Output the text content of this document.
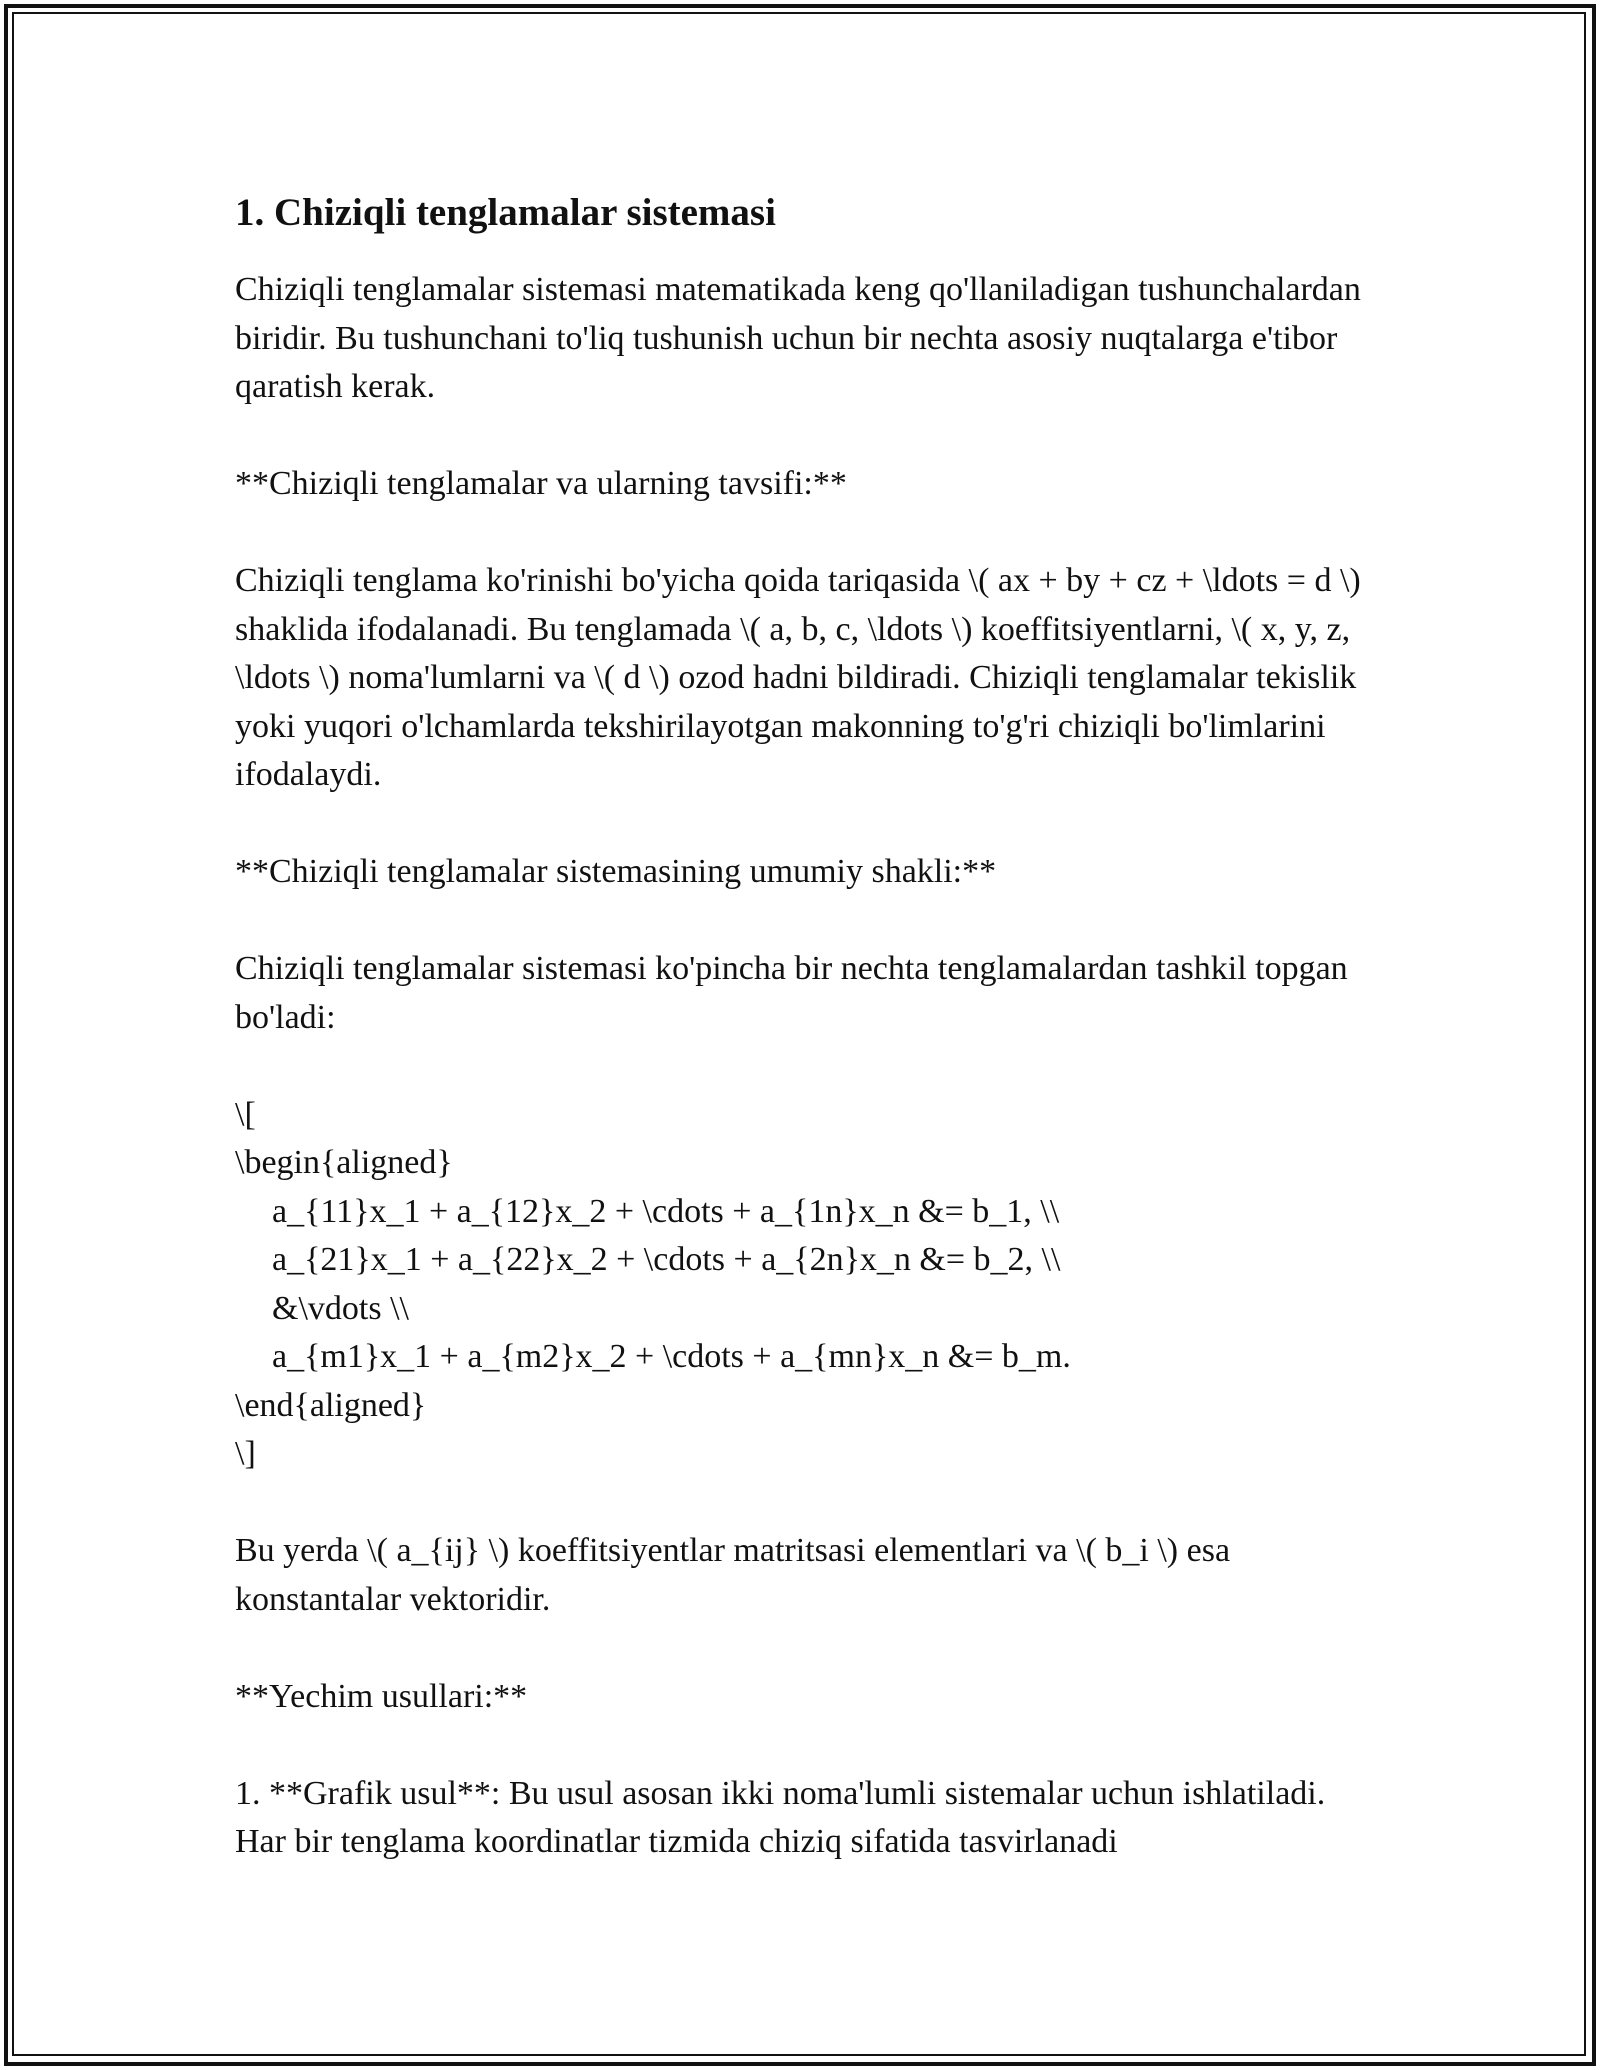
1. Chiziqli tenglamalar sistemasi

Chiziqli tenglamalar sistemasi matematikada keng qo'llaniladigan tushunchalardan biridir. Bu tushunchani to'liq tushunish uchun bir nechta asosiy nuqtalarga e'tibor qaratish kerak.

**Chiziqli tenglamalar va ularning tavsifi:**

Chiziqli tenglama ko'rinishi bo'yicha qoida tariqasida \( ax + by + cz + \ldots = d \) shaklida ifodalanadi. Bu tenglamada \( a, b, c, \ldots \) koeffitsiyentlarni, \( x, y, z, \ldots \) noma'lumlarni va \( d \) ozod hadni bildiradi. Chiziqli tenglamalar tekislik yoki yuqori o'lchamlarda tekshirilayotgan makonning to'g'ri chiziqli bo'limlarini ifodalaydi.

**Chiziqli tenglamalar sistemasining umumiy shakli:**

Chiziqli tenglamalar sistemasi ko'pincha bir nechta tenglamalardan tashkil topgan bo'ladi:

\[
\begin{aligned}
a_{11}x_1 + a_{12}x_2 + \cdots + a_{1n}x_n &= b_1, \\
a_{21}x_1 + a_{22}x_2 + \cdots + a_{2n}x_n &= b_2, \\
&\vdots \\
a_{m1}x_1 + a_{m2}x_2 + \cdots + a_{mn}x_n &= b_m.
\end{aligned}
\]

Bu yerda \( a_{ij} \) koeffitsiyentlar matritsasi elementlari va \( b_i \) esa konstantalar vektoridir.

**Yechim usullari:**

1. **Grafik usul**: Bu usul asosan ikki noma'lumli sistemalar uchun ishlatiladi. Har bir tenglama koordinatlar tizmida chiziq sifatida tasvirlanadi
